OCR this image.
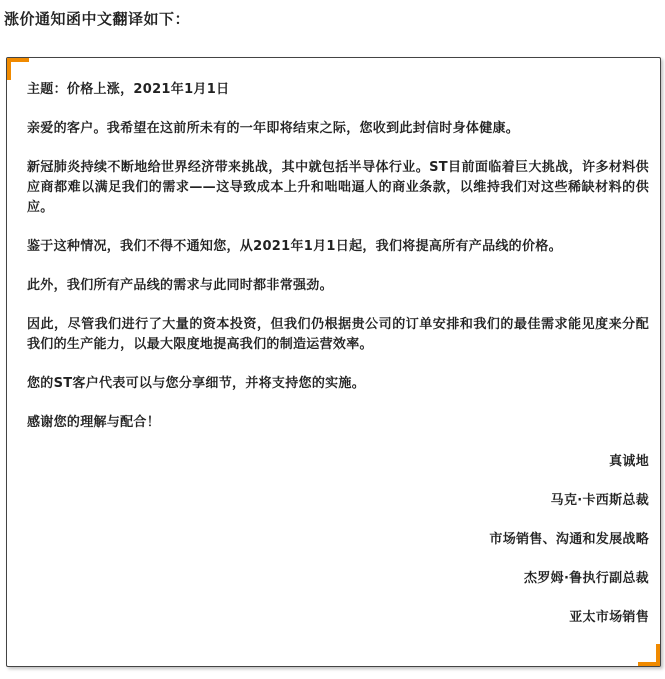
涨价通知函中文翻译如下：

主题：价格上涨，2021年1月1日

亲爱的客户。我希望在这前所未有的一年即将结束之际，您收到此封信时身体健康。

新冠肺炎持续不断地给世界经济带来挑战，其中就包括半导体行业。ST目前面临着巨大挑战，许多材料供应商都难以满足我们的需求——这导致成本上升和咄咄逼人的商业条款，以维持我们对这些稀缺材料的供应。

鉴于这种情况，我们不得不通知您，从2021年1月1日起，我们将提高所有产品线的价格。

此外，我们所有产品线的需求与此同时都非常强劲。

因此，尽管我们进行了大量的资本投资，但我们仍根据贵公司的订单安排和我们的最佳需求能见度来分配我们的生产能力，以最大限度地提高我们的制造运营效率。

您的ST客户代表可以与您分享细节，并将支持您的实施。

感谢您的理解与配合！

真诚地

马克·卡西斯总裁

市场销售、沟通和发展战略

杰罗姆·鲁执行副总裁

亚太市场销售
